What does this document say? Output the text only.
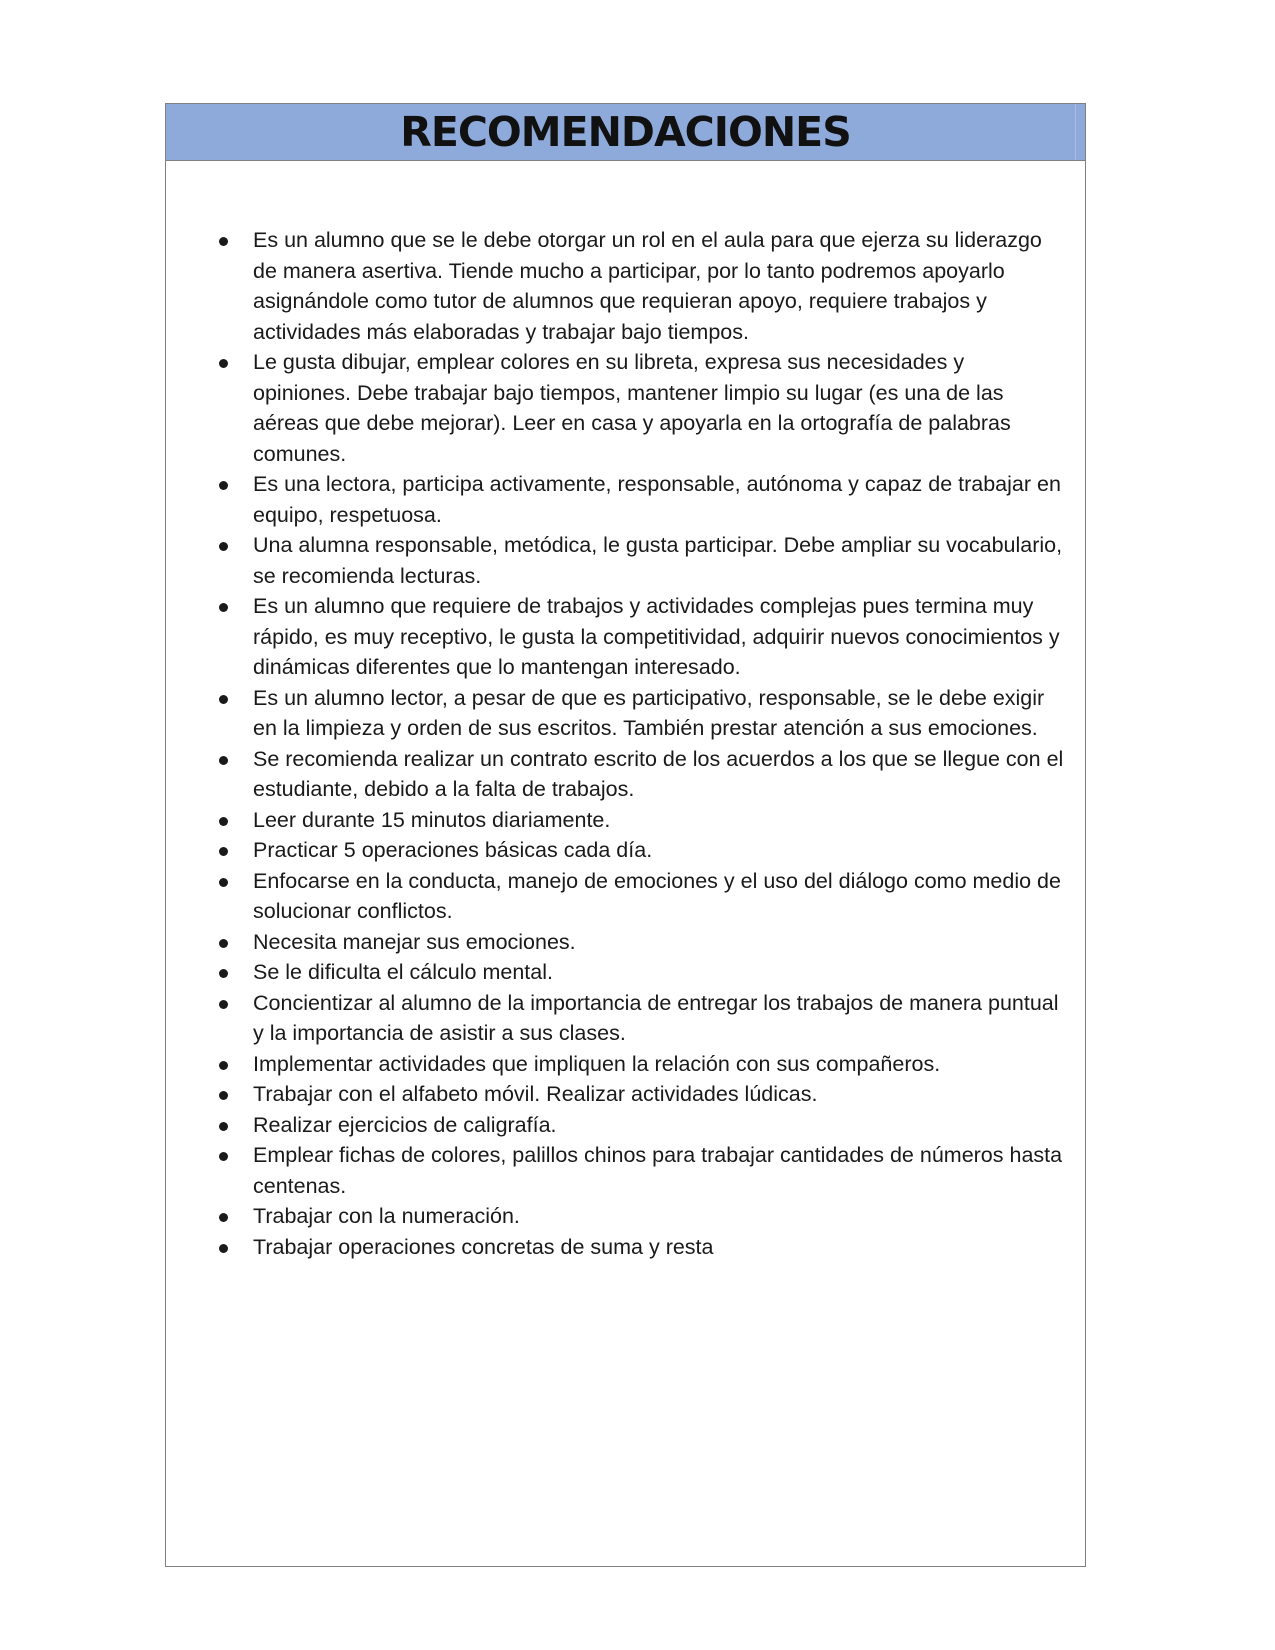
RECOMENDACIONES
Es un alumno que se le debe otorgar un rol en el aula para que ejerza su liderazgo de manera asertiva. Tiende mucho a participar, por lo tanto podremos apoyarlo asignándole como tutor de alumnos que requieran apoyo, requiere trabajos y actividades más elaboradas y trabajar bajo tiempos.
Le gusta dibujar, emplear colores en su libreta, expresa sus necesidades y opiniones. Debe trabajar bajo tiempos, mantener limpio su lugar (es una de las aéreas que debe mejorar). Leer en casa y apoyarla en la ortografía de palabras comunes.
Es una lectora, participa activamente, responsable, autónoma y capaz de trabajar en equipo, respetuosa.
Una alumna responsable, metódica, le gusta participar. Debe ampliar su vocabulario, se recomienda lecturas.
Es un alumno que requiere de trabajos y actividades complejas pues termina muy rápido, es muy receptivo, le gusta la competitividad, adquirir nuevos conocimientos y dinámicas diferentes que lo mantengan interesado.
Es un alumno lector, a pesar de que es participativo, responsable, se le debe exigir en la limpieza y orden de sus escritos. También prestar atención a sus emociones.
Se recomienda realizar un contrato escrito de los acuerdos a los que se llegue con el estudiante, debido a la falta de trabajos.
Leer durante 15 minutos diariamente.
Practicar 5 operaciones básicas cada día.
Enfocarse en la conducta, manejo de emociones y el uso del diálogo como medio de solucionar conflictos.
Necesita manejar sus emociones.
Se le dificulta el cálculo mental.
Concientizar al alumno de la importancia de entregar los trabajos de manera puntual y la importancia de asistir a sus clases.
Implementar actividades que impliquen la relación con sus compañeros.
Trabajar con el alfabeto móvil. Realizar actividades lúdicas.
Realizar ejercicios de caligrafía.
Emplear fichas de colores, palillos chinos para trabajar cantidades de números hasta centenas.
Trabajar con la numeración.
Trabajar operaciones concretas de suma y resta
